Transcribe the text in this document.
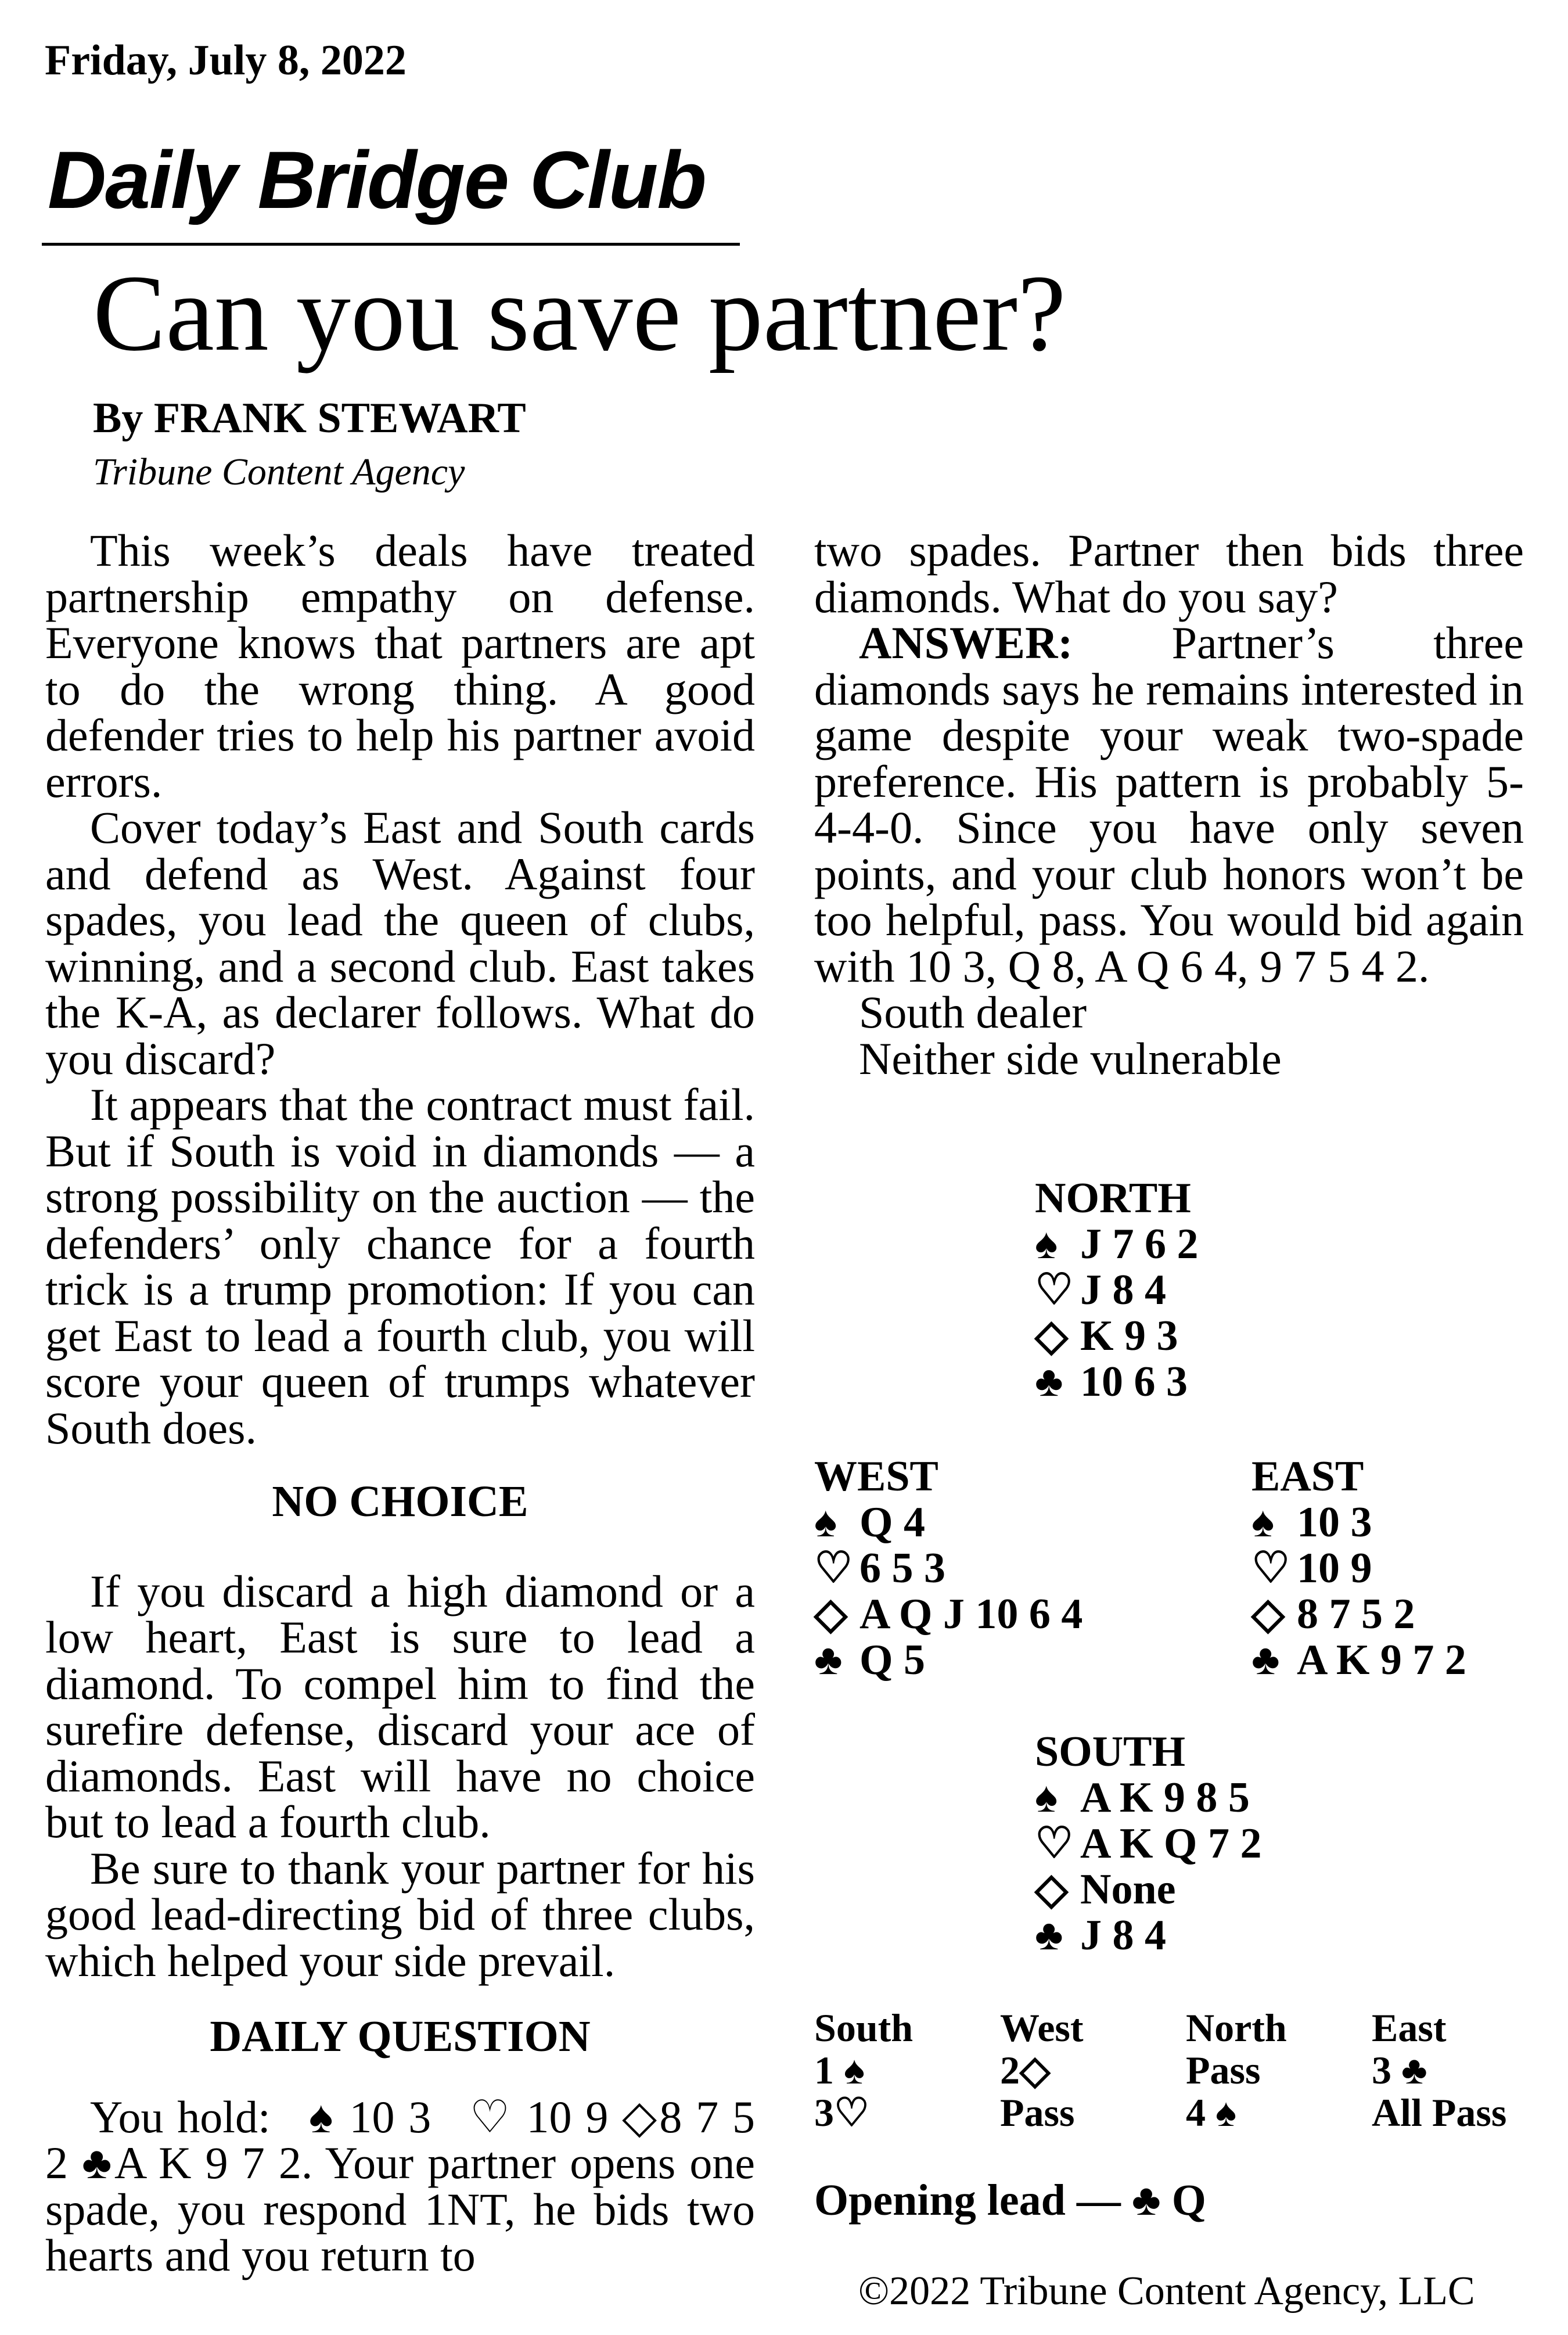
Friday, July 8, 2022
Daily Bridge Club
Can you save partner?
By FRANK STEWART
Tribune Content Agency

This week’s deals have treated partnership empathy on defense. Everyone knows that partners are apt to do the wrong thing. A good defender tries to help his partner avoid errors.

Cover today’s East and South cards and defend as West. Against four spades, you lead the queen of clubs, winning, and a second club. East takes the K-A, as declarer follows. What do you discard?

It appears that the contract must fail. But if South is void in diamonds — a strong possibility on the auction — the defenders’ only chance for a fourth trick is a trump promotion: If you can get East to lead a fourth club, you will score your queen of trumps whatever South does.

NO CHOICE

If you discard a high diamond or a low heart, East is sure to lead a diamond. To compel him to find the surefire defense, discard your ace of diamonds. East will have no choice but to lead a fourth club.

Be sure to thank your partner for his good lead-directing bid of three clubs, which helped your side prevail.

DAILY QUESTION

You hold: ♠ 10 3 ♡ 10 9 ◇8 7 5 2 ♣A K 9 7 2. Your partner opens one spade, you respond 1NT, he bids two hearts and you return to

two spades. Partner then bids three diamonds. What do you say?

ANSWER: Partner’s three diamonds says he remains interested in game despite your weak two-spade preference. His pattern is probably 5-4-4-0. Since you have only seven points, and your club honors won’t be too helpful, pass. You would bid again with 10 3, Q 8, A Q 6 4, 9 7 5 4 2.

South dealer

Neither side vulnerable

NORTH
♠ J 7 6 2
♡ J 8 4
◇ K 9 3
♣ 10 6 3
WEST
♠ Q 4
♡ 6 5 3
◇ A Q J 10 6 4
♣ Q 5
EAST
♠ 10 3
♡ 10 9
◇ 8 7 5 2
♣ A K 9 7 2
SOUTH
♠ A K 9 8 5
♡ A K Q 7 2
◇ None
♣ J 8 4
South	West	North	East
1 ♠	2◇	Pass	3 ♣
3♡	Pass	4 ♠	All Pass
Opening lead — ♣ Q
©2022 Tribune Content Agency, LLC
